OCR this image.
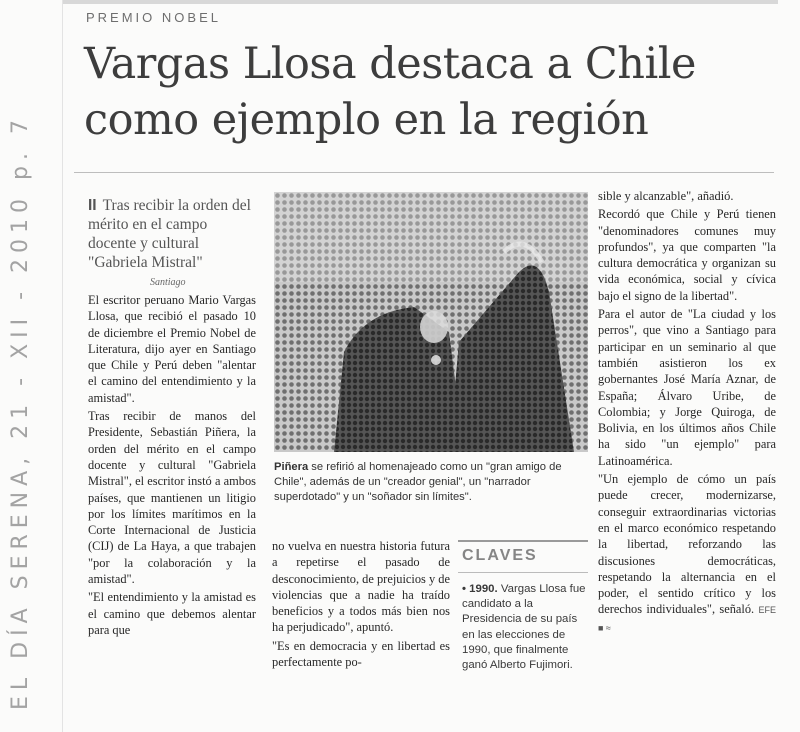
PREMIO NOBEL
Vargas Llosa destaca a Chile
como ejemplo en la región
II Tras recibir la orden del mérito en el campo docente y cultural "Gabriela Mistral"
Santiago

El escritor peruano Mario Vargas Llosa, que recibió el pasado 10 de diciembre el Premio Nobel de Literatura, dijo ayer en Santiago que Chile y Perú deben "alentar el camino del entendimiento y la amistad".

Tras recibir de manos del Presidente, Sebastián Piñera, la orden del mérito en el campo docente y cultural "Gabriela Mistral", el escritor instó a ambos países, que mantienen un litigio por los límites marítimos en la Corte Internacional de Justicia (CIJ) de La Haya, a que trabajen "por la colaboración y la amistad".

"El entendimiento y la amistad es el camino que debemos alentar para que

Piñera se refirió al homenajeado como un "gran amigo de Chile", además de un "creador genial", un "narrador superdotado" y un "soñador sin límites".

no vuelva en nuestra historia futura a repetirse el pasado de desconocimiento, de prejuicios y de violencias que a nadie ha traído beneficios y a todos más bien nos ha perjudicado", apuntó.

"Es en democracia y en libertad es perfectamente po-

CLAVES
• 1990. Vargas Llosa fue candidato a la Presidencia de su país en las elecciones de 1990, que finalmente ganó Alberto Fujimori.

sible y alcanzable", añadió.

Recordó que Chile y Perú tienen "denominadores comunes muy profundos", ya que comparten "la cultura democrática y organizan su vida económica, social y cívica bajo el signo de la libertad".

Para el autor de "La ciudad y los perros", que vino a Santiago para participar en un seminario al que también asistieron los ex gobernantes José María Aznar, de España; Álvaro Uribe, de Colombia; y Jorge Quiroga, de Bolivia, en los últimos años Chile ha sido "un ejemplo" para Latinoamérica.

"Un ejemplo de cómo un país puede crecer, modernizarse, conseguir extraordinarias victorias en el marco económico respetando la libertad, reforzando las discusiones democráticas, respetando la alternancia en el poder, el sentido crítico y los derechos individuales", señaló. EFE ■ ≈

EL DÍA SERENA, 21 - XII - 2010 p. 7
